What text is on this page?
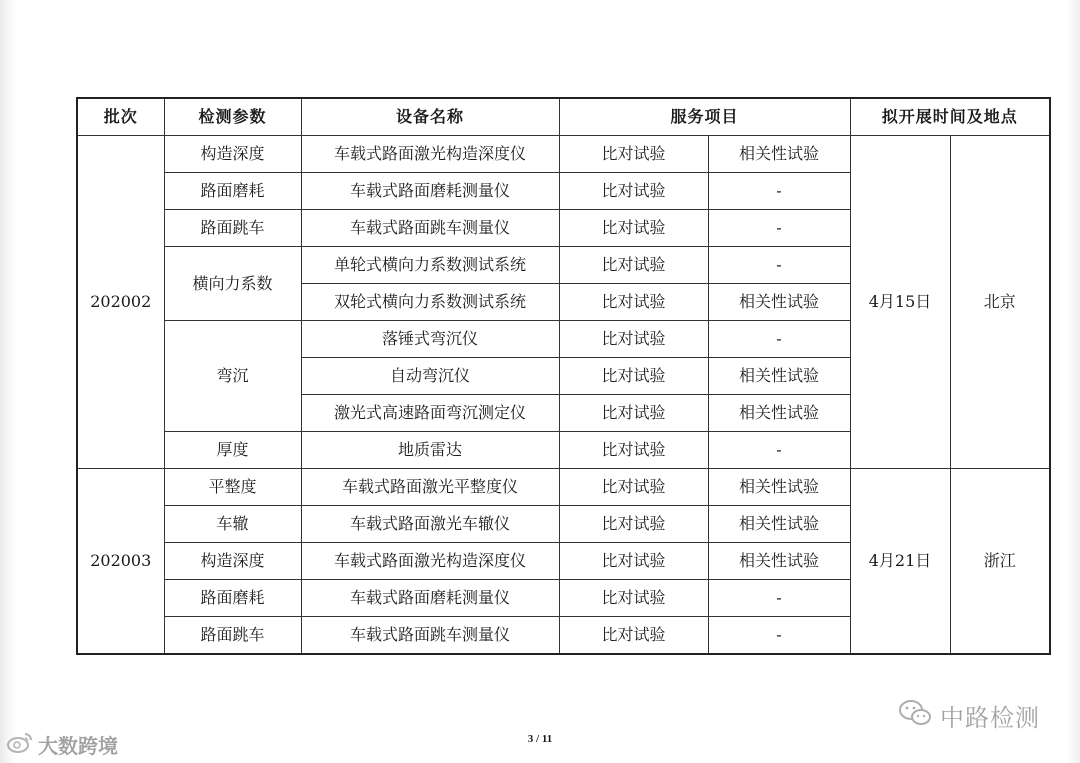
批次	检测参数	设备名称	服务项目		拟开展时间及地点	
202002	构造深度	车载式路面激光构造深度仪	比对试验	相关性试验	4月15日	北京
	路面磨耗	车载式路面磨耗测量仪	比对试验	-		
	路面跳车	车载式路面跳车测量仪	比对试验	-		
	横向力系数	单轮式横向力系数测试系统	比对试验	-		
		双轮式横向力系数测试系统	比对试验	相关性试验		
	弯沉	落锤式弯沉仪	比对试验	-		
		自动弯沉仪	比对试验	相关性试验		
		激光式高速路面弯沉测定仪	比对试验	相关性试验		
	厚度	地质雷达	比对试验	-		
202003	平整度	车载式路面激光平整度仪	比对试验	相关性试验	4月21日	浙江
	车辙	车载式路面激光车辙仪	比对试验	相关性试验		
	构造深度	车载式路面激光构造深度仪	比对试验	相关性试验		
	路面磨耗	车载式路面磨耗测量仪	比对试验	-		
	路面跳车	车载式路面跳车测量仪	比对试验	-		
大数跨境	3 / 11
中路检测
